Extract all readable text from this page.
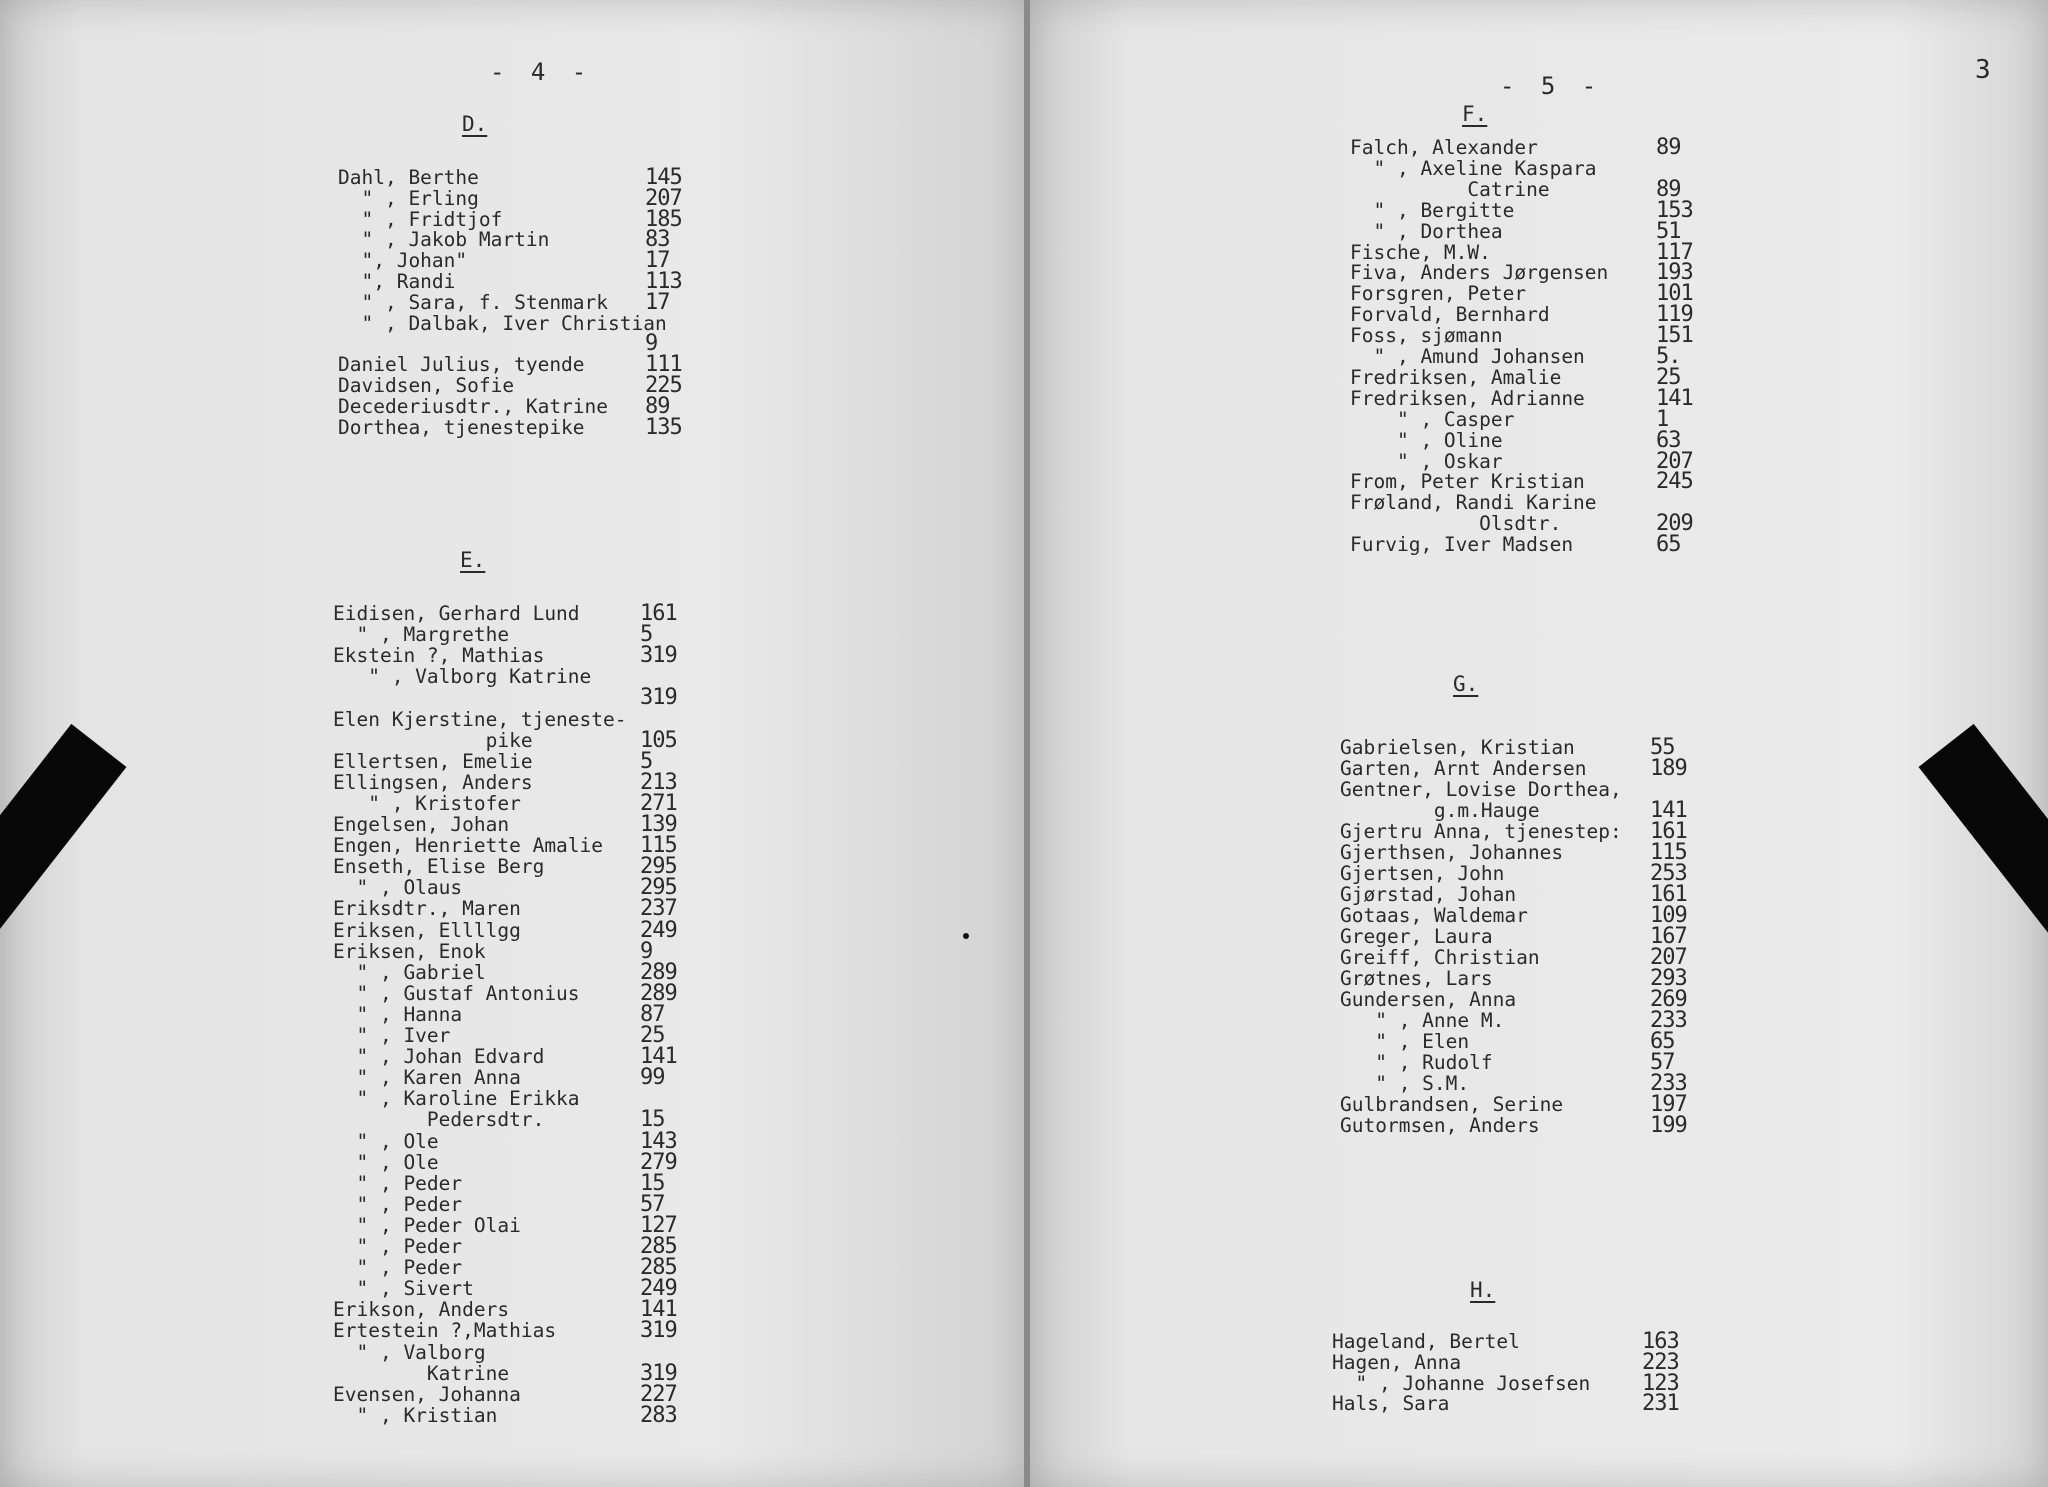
- 4 -
D.
E.
Dahl, Berthe	145
" , Erling	207
" , Fridtjof	185
" , Jakob Martin	83
", Johan"	17
", Randi	113
" , Sara, f. Stenmark 17
" , Dalbak, Iver Christian
9
Daniel Julius, tyende	111
Davidsen, Sofie	225
Decederiusdtr., Katrine 89
Dorthea, tjenestepike	135
Eidisen, Gerhard Lund	161
" , Margrethe	5
Ekstein ?, Mathias	319
" , Valborg Katrine
319
Elen Kjerstine, tjeneste-
pike	105
Ellertsen, Emelie	5
Ellingsen, Anders	213
" , Kristofer	271
Engelsen, Johan	139
Engen, Henriette Amalie 115
Enseth, Elise Berg	295
" , Olaus	295
Eriksdtr., Maren	237
Eriksen, Ellllgg	249
Eriksen, Enok	9
" , Gabriel	289
" , Gustaf Antonius	289
" , Hanna	87
" , Iver	25
" , Johan Edvard	141
" , Karen Anna	99
" , Karoline Erikka
Pedersdtr.	15
" , Ole	143
" , Ole	279
" , Peder	15
" , Peder	57
" , Peder Olai	127
" , Peder	285
" , Peder	285
" , Sivert	249
Erikson, Anders	141
Ertestein ?,Mathias	319
" , Valborg
Katrine	319
Evensen, Johanna	227
" , Kristian	283
- 5 -
F.
G.
H.
Falch, Alexander	89
" , Axeline Kaspara
Catrine	89
" , Bergitte	153
" , Dorthea	51
Fische, M.W.	117
Fiva, Anders Jørgensen 193
Forsgren, Peter	101
Forvald, Bernhard	119
Foss, sjømann	151
" , Amund Johansen	5.
Fredriksen, Amalie	25
Fredriksen, Adrianne	141
" , Casper	1
" , Oline	63
" , Oskar	207
From, Peter Kristian	245
Frøland, Randi Karine
Olsdtr.	209
Furvig, Iver Madsen	65
Gabrielsen, Kristian	55
Garten, Arnt Andersen	189
Gentner, Lovise Dorthea,
g.m.Hauge	141
Gjertru Anna, tjenestep: 161
Gjerthsen, Johannes	115
Gjertsen, John	253
Gjørstad, Johan	161
Gotaas, Waldemar	109
Greger, Laura	167
Greiff, Christian	207
Grøtnes, Lars	293
Gundersen, Anna	269
" , Anne M.	233
" , Elen	65
" , Rudolf	57
" , S.M.	233
Gulbrandsen, Serine	197
Gutormsen, Anders	199
Hageland, Bertel	163
Hagen, Anna	223
" , Johanne Josefsen 123
Hals, Sara	231
3
